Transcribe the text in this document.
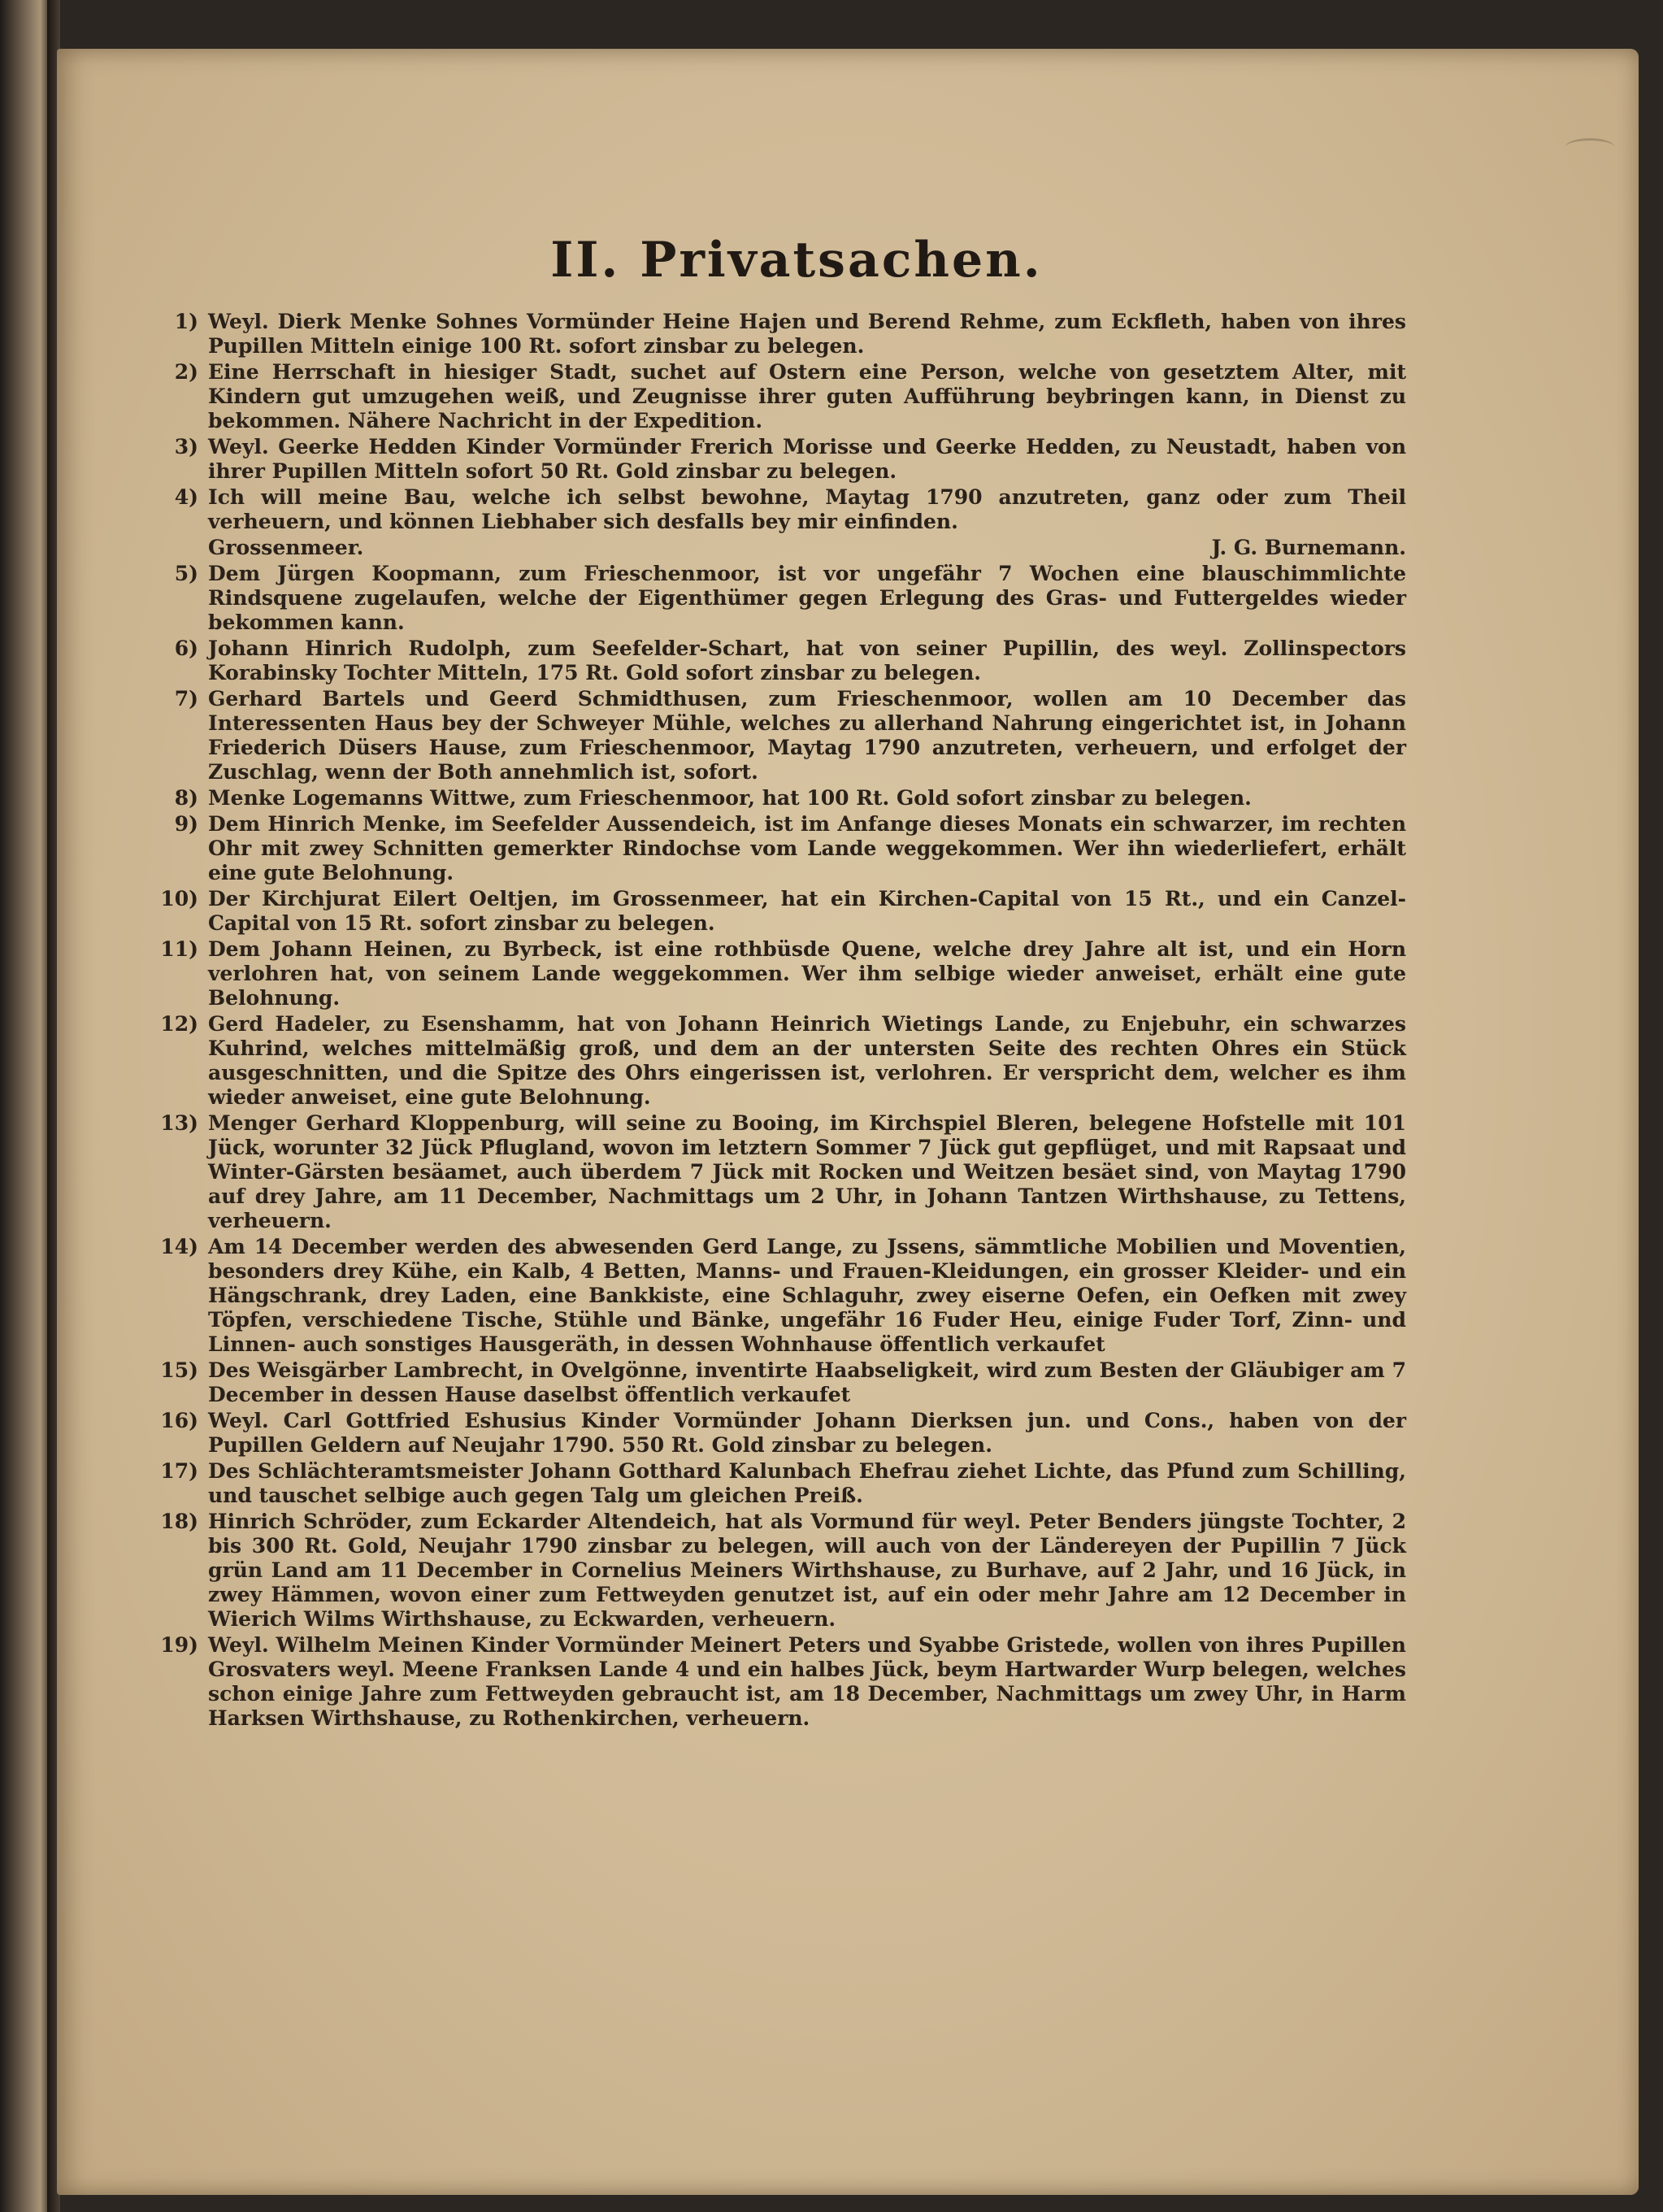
II. Privatsachen.
1) Weyl. Dierk Menke Sohnes Vormünder Heine Hajen und Berend Rehme, zum Eckfleth, haben von ihres Pupillen Mitteln einige 100 Rt. sofort zinsbar zu belegen.
2) Eine Herrschaft in hiesiger Stadt, suchet auf Ostern eine Person, welche von gesetztem Alter, mit Kindern gut umzugehen weiß, und Zeugnisse ihrer guten Aufführung beybringen kann, in Dienst zu bekommen. Nähere Nachricht in der Expedition.
3) Weyl. Geerke Hedden Kinder Vormünder Frerich Morisse und Geerke Hedden, zu Neustadt, haben von ihrer Pupillen Mitteln sofort 50 Rt. Gold zinsbar zu belegen.
4) Ich will meine Bau, welche ich selbst bewohne, Maytag 1790 anzutreten, ganz oder zum Theil verheuern, und können Liebhaber sich desfalls bey mir einfinden.
Grossenmeer.	J. G. Burnemann.
5) Dem Jürgen Koopmann, zum Frieschenmoor, ist vor ungefähr 7 Wochen eine blauschimmlichte Rindsquene zugelaufen, welche der Eigenthümer gegen Erlegung des Gras- und Futtergeldes wieder bekommen kann.
6) Johann Hinrich Rudolph, zum Seefelder-Schart, hat von seiner Pupillin, des weyl. Zollinspectors Korabinsky Tochter Mitteln, 175 Rt. Gold sofort zinsbar zu belegen.
7) Gerhard Bartels und Geerd Schmidthusen, zum Frieschenmoor, wollen am 10 December das Interessenten Haus bey der Schweyer Mühle, welches zu allerhand Nahrung eingerichtet ist, in Johann Friederich Düsers Hause, zum Frieschenmoor, Maytag 1790 anzutreten, verheuern, und erfolget der Zuschlag, wenn der Both annehmlich ist, sofort.
8) Menke Logemanns Wittwe, zum Frieschenmoor, hat 100 Rt. Gold sofort zinsbar zu belegen.
9) Dem Hinrich Menke, im Seefelder Aussendeich, ist im Anfange dieses Monats ein schwarzer, im rechten Ohr mit zwey Schnitten gemerkter Rindochse vom Lande weggekommen. Wer ihn wiederliefert, erhält eine gute Belohnung.
10) Der Kirchjurat Eilert Oeltjen, im Grossenmeer, hat ein Kirchen-Capital von 15 Rt., und ein Canzel-Capital von 15 Rt. sofort zinsbar zu belegen.
11) Dem Johann Heinen, zu Byrbeck, ist eine rothbüsde Quene, welche drey Jahre alt ist, und ein Horn verlohren hat, von seinem Lande weggekommen. Wer ihm selbige wieder anweiset, erhält eine gute Belohnung.
12) Gerd Hadeler, zu Esenshamm, hat von Johann Heinrich Wietings Lande, zu Enjebuhr, ein schwarzes Kuhrind, welches mittelmäßig groß, und dem an der untersten Seite des rechten Ohres ein Stück ausgeschnitten, und die Spitze des Ohrs eingerissen ist, verlohren. Er verspricht dem, welcher es ihm wieder anweiset, eine gute Belohnung.
13) Menger Gerhard Kloppenburg, will seine zu Booing, im Kirchspiel Bleren, belegene Hofstelle mit 101 Jück, worunter 32 Jück Pflugland, wovon im letztern Sommer 7 Jück gut gepflüget, und mit Rapsaat und Winter-Gärsten besäamet, auch überdem 7 Jück mit Rocken und Weitzen besäet sind, von Maytag 1790 auf drey Jahre, am 11 December, Nachmittags um 2 Uhr, in Johann Tantzen Wirthshause, zu Tettens, verheuern.
14) Am 14 December werden des abwesenden Gerd Lange, zu Jssens, sämmtliche Mobilien und Moventien, besonders drey Kühe, ein Kalb, 4 Betten, Manns- und Frauen-Kleidungen, ein grosser Kleider- und ein Hängschrank, drey Laden, eine Bankkiste, eine Schlaguhr, zwey eiserne Oefen, ein Oefken mit zwey Töpfen, verschiedene Tische, Stühle und Bänke, ungefähr 16 Fuder Heu, einige Fuder Torf, Zinn- und Linnen- auch sonstiges Hausgeräth, in dessen Wohnhause öffentlich verkaufet
15) Des Weisgärber Lambrecht, in Ovelgönne, inventirte Haabseligkeit, wird zum Besten der Gläubiger am 7 December in dessen Hause daselbst öffentlich verkaufet
16) Weyl. Carl Gottfried Eshusius Kinder Vormünder Johann Dierksen jun. und Cons., haben von der Pupillen Geldern auf Neujahr 1790. 550 Rt. Gold zinsbar zu belegen.
17) Des Schlächteramtsmeister Johann Gotthard Kalunbach Ehefrau ziehet Lichte, das Pfund zum Schilling, und tauschet selbige auch gegen Talg um gleichen Preiß.
18) Hinrich Schröder, zum Eckarder Altendeich, hat als Vormund für weyl. Peter Benders jüngste Tochter, 2 bis 300 Rt. Gold, Neujahr 1790 zinsbar zu belegen, will auch von der Ländereyen der Pupillin 7 Jück grün Land am 11 December in Cornelius Meiners Wirthshause, zu Burhave, auf 2 Jahr, und 16 Jück, in zwey Hämmen, wovon einer zum Fettweyden genutzet ist, auf ein oder mehr Jahre am 12 December in Wierich Wilms Wirthshause, zu Eckwarden, verheuern.
19) Weyl. Wilhelm Meinen Kinder Vormünder Meinert Peters und Syabbe Gristede, wollen von ihres Pupillen Grosvaters weyl. Meene Franksen Lande 4 und ein halbes Jück, beym Hartwarder Wurp belegen, welches schon einige Jahre zum Fettweyden gebraucht ist, am 18 December, Nachmittags um zwey Uhr, in Harm Harksen Wirthshause, zu Rothenkirchen, verheuern.
